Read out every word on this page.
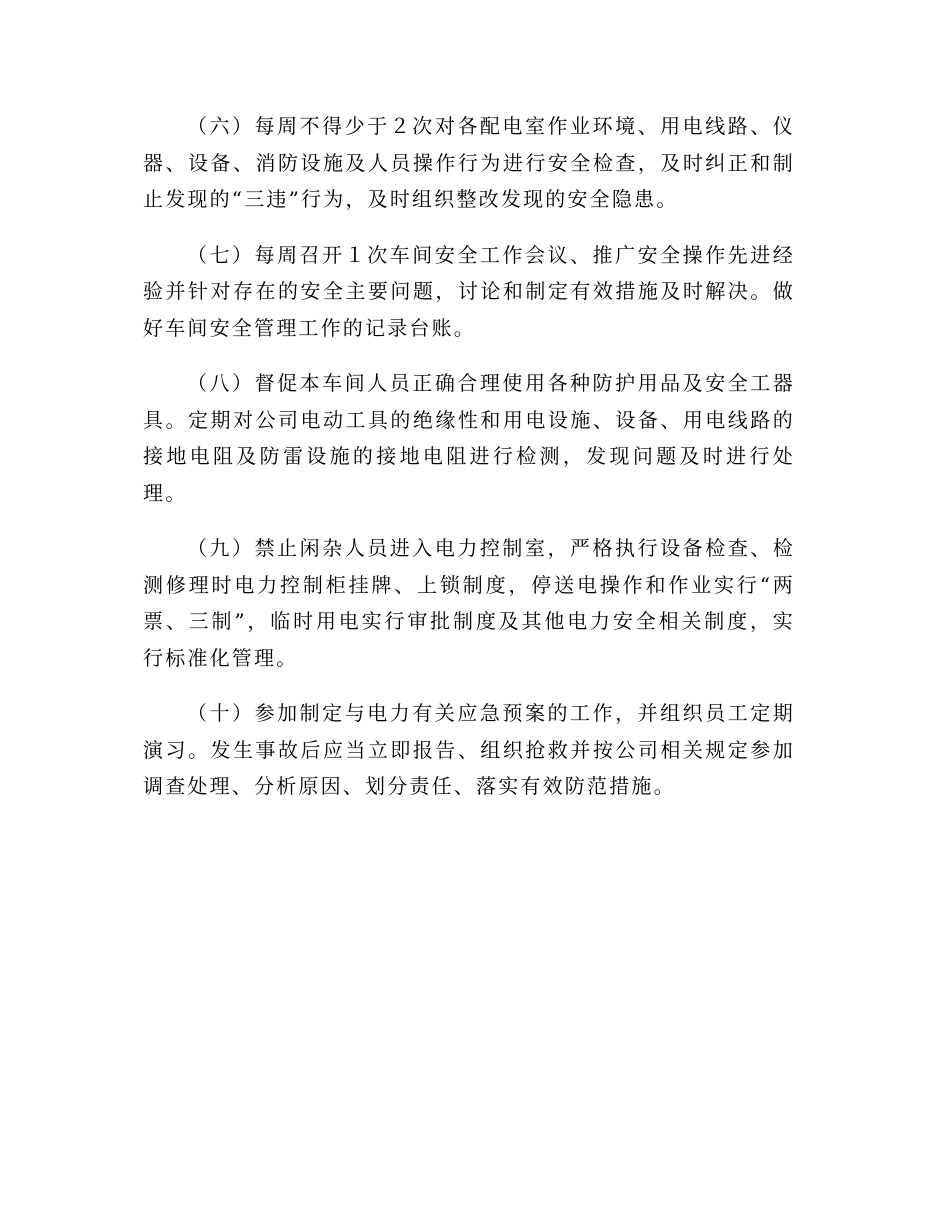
（六）每周不得少于２次对各配电室作业环境、用电线路、仪器、设备、消防设施及人员操作行为进行安全检查，及时纠正和制止发现的“三违”行为，及时组织整改发现的安全隐患。

（七）每周召开１次车间安全工作会议、推广安全操作先进经验并针对存在的安全主要问题，讨论和制定有效措施及时解决。做好车间安全管理工作的记录台账。

（八）督促本车间人员正确合理使用各种防护用品及安全工器具。定期对公司电动工具的绝缘性和用电设施、设备、用电线路的接地电阻及防雷设施的接地电阻进行检测，发现问题及时进行处理。

（九）禁止闲杂人员进入电力控制室，严格执行设备检查、检测修理时电力控制柜挂牌、上锁制度，停送电操作和作业实行“两票、三制”，临时用电实行审批制度及其他电力安全相关制度，实行标准化管理。

（十）参加制定与电力有关应急预案的工作，并组织员工定期演习。发生事故后应当立即报告、组织抢救并按公司相关规定参加调查处理、分析原因、划分责任、落实有效防范措施。
